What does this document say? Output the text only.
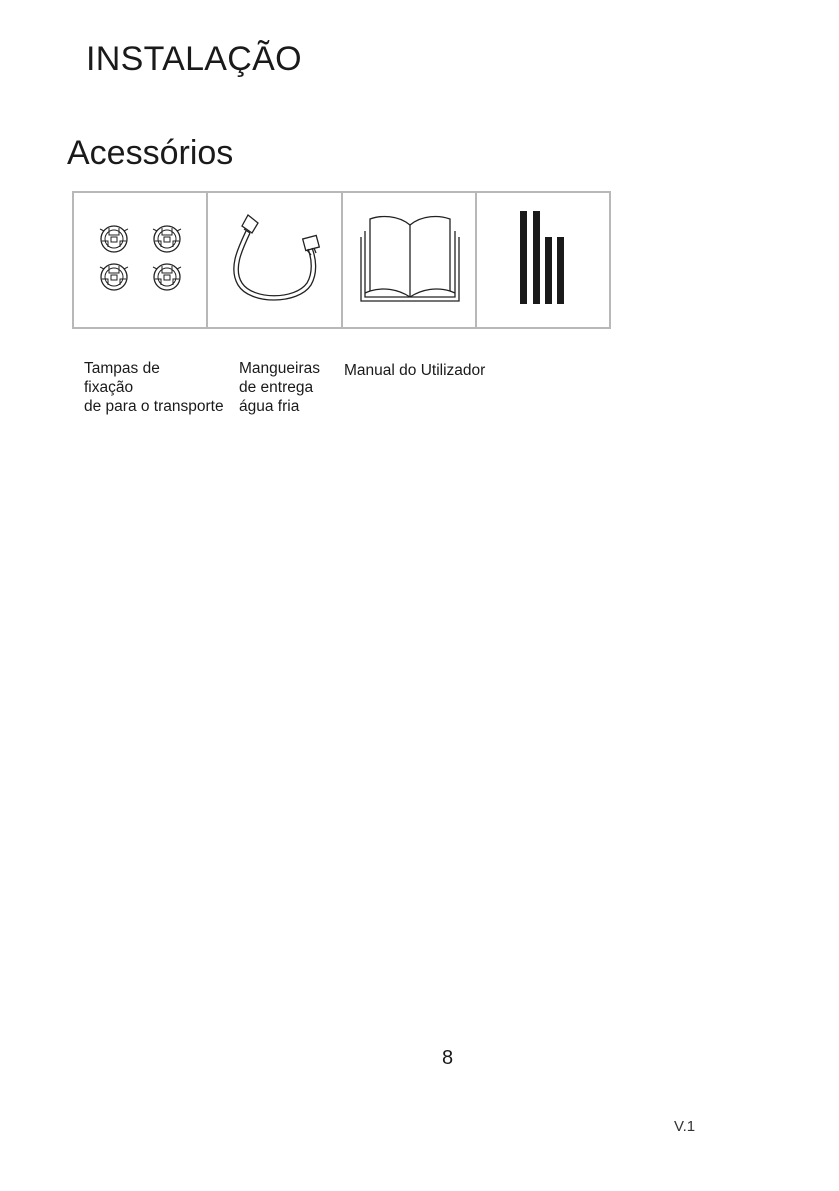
INSTALAÇÃO
Acessórios
Tampas de
fixação
de para o transporte
Mangueiras
de entrega
água fria
Manual do Utilizador
8
V.1
